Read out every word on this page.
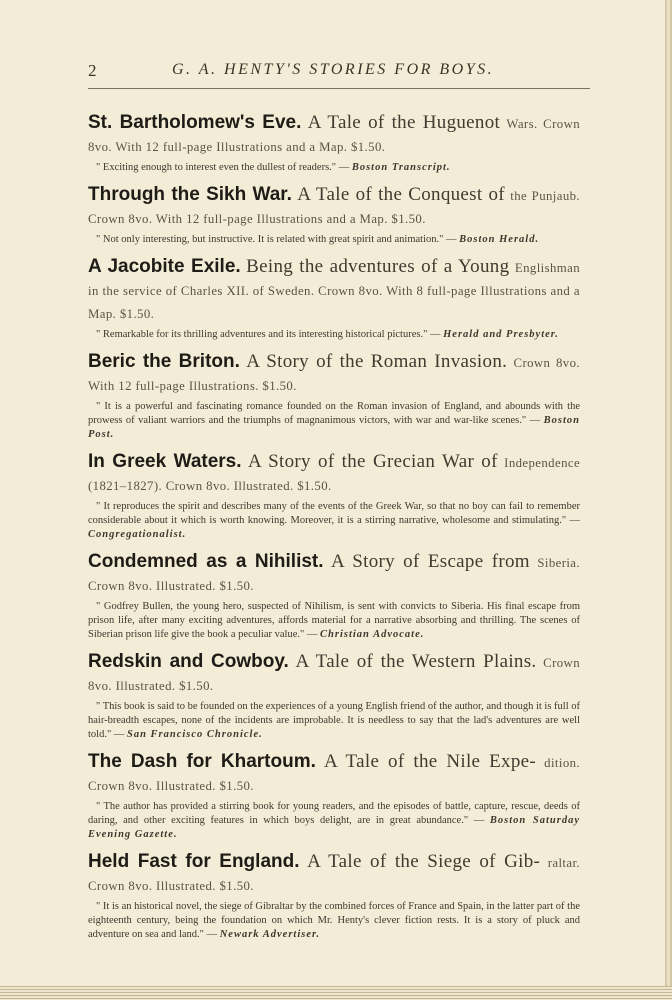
2	G. A. HENTY'S STORIES FOR BOYS.
St. Bartholomew's Eve. A Tale of the Huguenot Wars. Crown 8vo. With 12 full-page Illustrations and a Map. $1.50.
" Exciting enough to interest even the dullest of readers." — Boston Transcript.
Through the Sikh War. A Tale of the Conquest of the Punjaub. Crown 8vo. With 12 full-page Illustrations and a Map. $1.50.
" Not only interesting, but instructive. It is related with great spirit and animation." — Boston Herald.
A Jacobite Exile. Being the adventures of a Young Englishman in the service of Charles XII. of Sweden. Crown 8vo. With 8 full-page Illustrations and a Map. $1.50.
" Remarkable for its thrilling adventures and its interesting historical pictures." — Herald and Presbyter.
Beric the Briton. A Story of the Roman Invasion. Crown 8vo. With 12 full-page Illustrations. $1.50.
" It is a powerful and fascinating romance founded on the Roman invasion of England, and abounds with the prowess of valiant warriors and the triumphs of magnanimous victors, with war and war-like scenes." — Boston Post.
In Greek Waters. A Story of the Grecian War of Independence (1821–1827). Crown 8vo. Illustrated. $1.50.
" It reproduces the spirit and describes many of the events of the Greek War, so that no boy can fail to remember considerable about it which is worth knowing. Moreover, it is a stirring narrative, wholesome and stimulating." — Congregationalist.
Condemned as a Nihilist. A Story of Escape from Siberia. Crown 8vo. Illustrated. $1.50.
" Godfrey Bullen, the young hero, suspected of Nihilism, is sent with convicts to Siberia. His final escape from prison life, after many exciting adventures, affords material for a narrative absorbing and thrilling. The scenes of Siberian prison life give the book a peculiar value." — Christian Advocate.
Redskin and Cowboy. A Tale of the Western Plains. Crown 8vo. Illustrated. $1.50.
" This book is said to be founded on the experiences of a young English friend of the author, and though it is full of hair-breadth escapes, none of the incidents are improbable. It is needless to say that the lad's adventures are well told." — San Francisco Chronicle.
The Dash for Khartoum. A Tale of the Nile Expe- dition. Crown 8vo. Illustrated. $1.50.
" The author has provided a stirring book for young readers, and the episodes of battle, capture, rescue, deeds of daring, and other exciting features in which boys delight, are in great abundance." — Boston Saturday Evening Gazette.
Held Fast for England. A Tale of the Siege of Gib- raltar. Crown 8vo. Illustrated. $1.50.
" It is an historical novel, the siege of Gibraltar by the combined forces of France and Spain, in the latter part of the eighteenth century, being the foundation on which Mr. Henty's clever fiction rests. It is a story of pluck and adventure on sea and land." — Newark Advertiser.
